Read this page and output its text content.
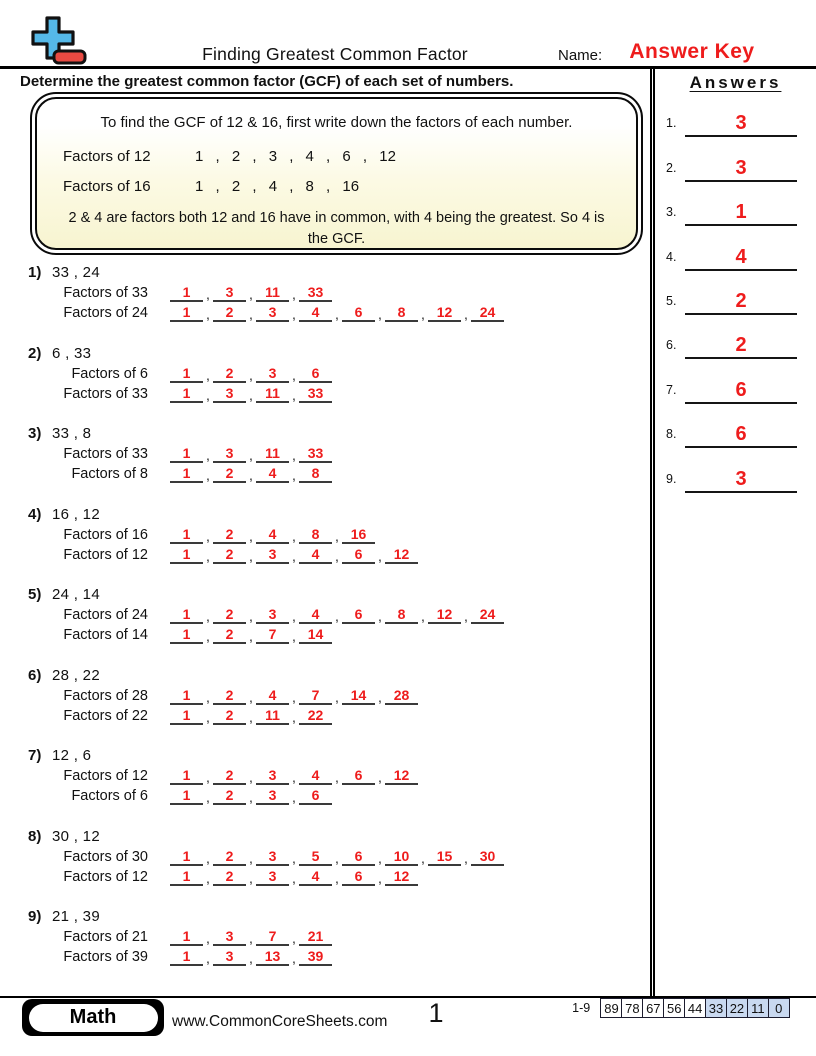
Finding Greatest Common Factor	Name:	Answer Key
Determine the greatest common factor (GCF) of each set of numbers.
To find the GCF of 12 & 16, first write down the factors of each number.
Factors of 12	1 , 2 , 3 , 4 , 6 , 12
Factors of 16	1 , 2 , 4 , 8 , 16
2 & 4 are factors both 12 and 16 have in common, with 4 being the greatest. So 4 is the GCF.
1) 33 , 24
Factors of 33	1	,	3	, 11 , 33
Factors of 24	1	,	2	,	3	,	4	,	6	,	8	, 12 , 24
2) 6 , 33
Factors of 6	1	,	2	,	3	,	6
Factors of 33	1	,	3	, 11 , 33
3) 33 , 8
Factors of 33	1	,	3	, 11 , 33
Factors of 8	1	,	2	,	4	,	8
4) 16 , 12
Factors of 16	1	,	2	,	4	,	8	, 16
Factors of 12	1	,	2	,	3	,	4	,	6	, 12
5) 24 , 14
Factors of 24	1	,	2	,	3	,	4	,	6	,	8	, 12 , 24
Factors of 14	1	,	2	,	7	, 14
6) 28 , 22
Factors of 28	1	,	2	,	4	,	7	, 14 , 28
Factors of 22	1	,	2	, 11 , 22
7) 12 , 6
Factors of 12	1	,	2	,	3	,	4	,	6	, 12
Factors of 6	1	,	2	,	3	,	6
8) 30 , 12
Factors of 30	1	,	2	,	3	,	5	,	6	, 10 , 15 , 30
Factors of 12	1	,	2	,	3	,	4	,	6	, 12
9) 21 , 39
Factors of 21	1	,	3	,	7	, 21
Factors of 39	1	,	3	, 13 , 39
Answers
1.	3
2.	3
3.	1
4.	4
5.	2
6.	2
7.	6
8.	6
9.	3
Math	www.CommonCoreSheets.com	1	1-9	89 78 67 56 44 33 22 11 0
